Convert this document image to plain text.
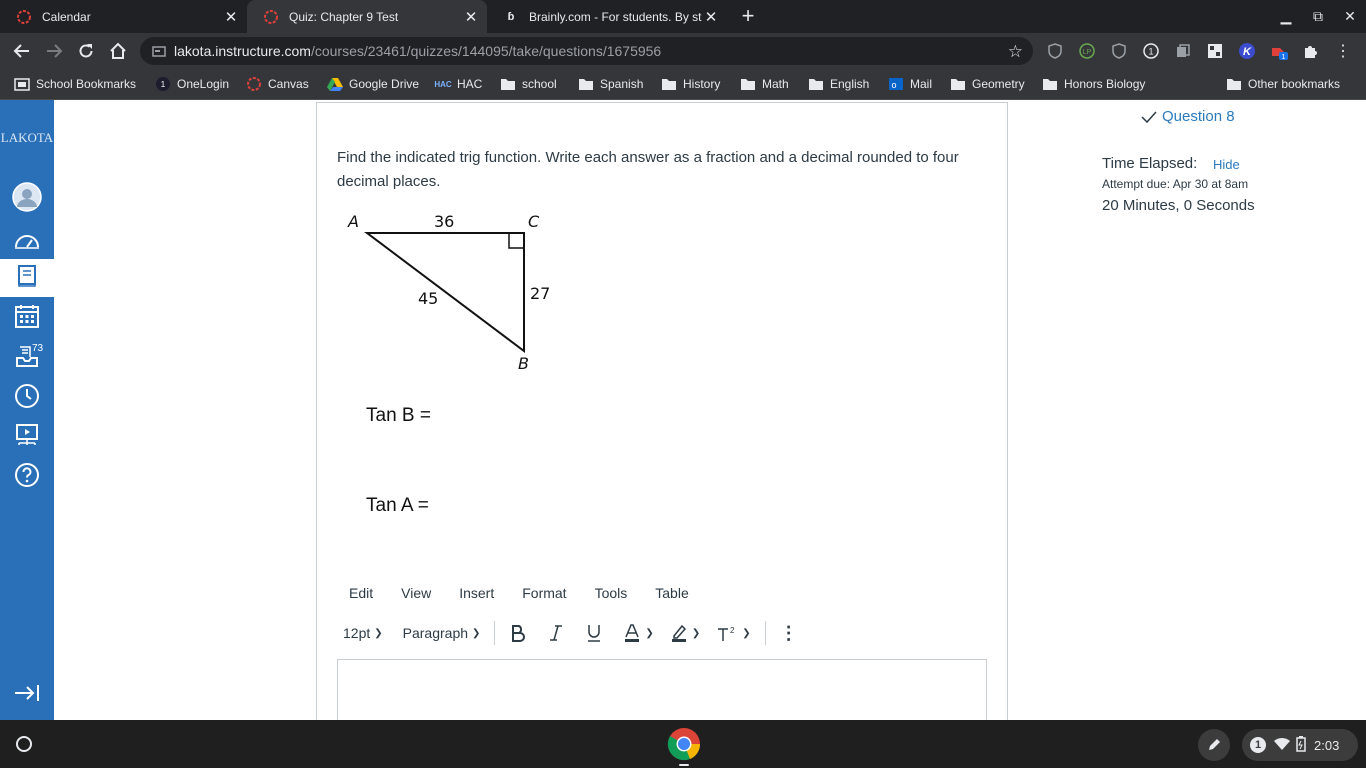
Calendar	✕	Quiz: Chapter 9 Test	✕	ɓ	Brainly.com - For students. By st ✕ +	▁ ⧉ ✕
lakota.instructure.com/courses/23461/quizzes/144095/take/questions/1675956	☆	LP	1	K	1	⋮
School Bookmarks	1 OneLogin	Canvas	Google Drive HAC HAC	school	Spanish	History	Math	English o Mail	Geometry	Honors Biology	Other bookmarks
LAKOTA
73
Find the indicated trig function. Write each answer as a fraction and a decimal rounded to four decimal places.
A	C
B
36
45	27
Tan B =
Tan A =
Edit	View	Insert	Format	Tools	Table
12pt ❯ Paragraph ❯	❯	❯	2 ❯	⋮
Question 8
Time Elapsed: Hide
Attempt due: Apr 30 at 8am
20 Minutes, 0 Seconds
1	2:03
